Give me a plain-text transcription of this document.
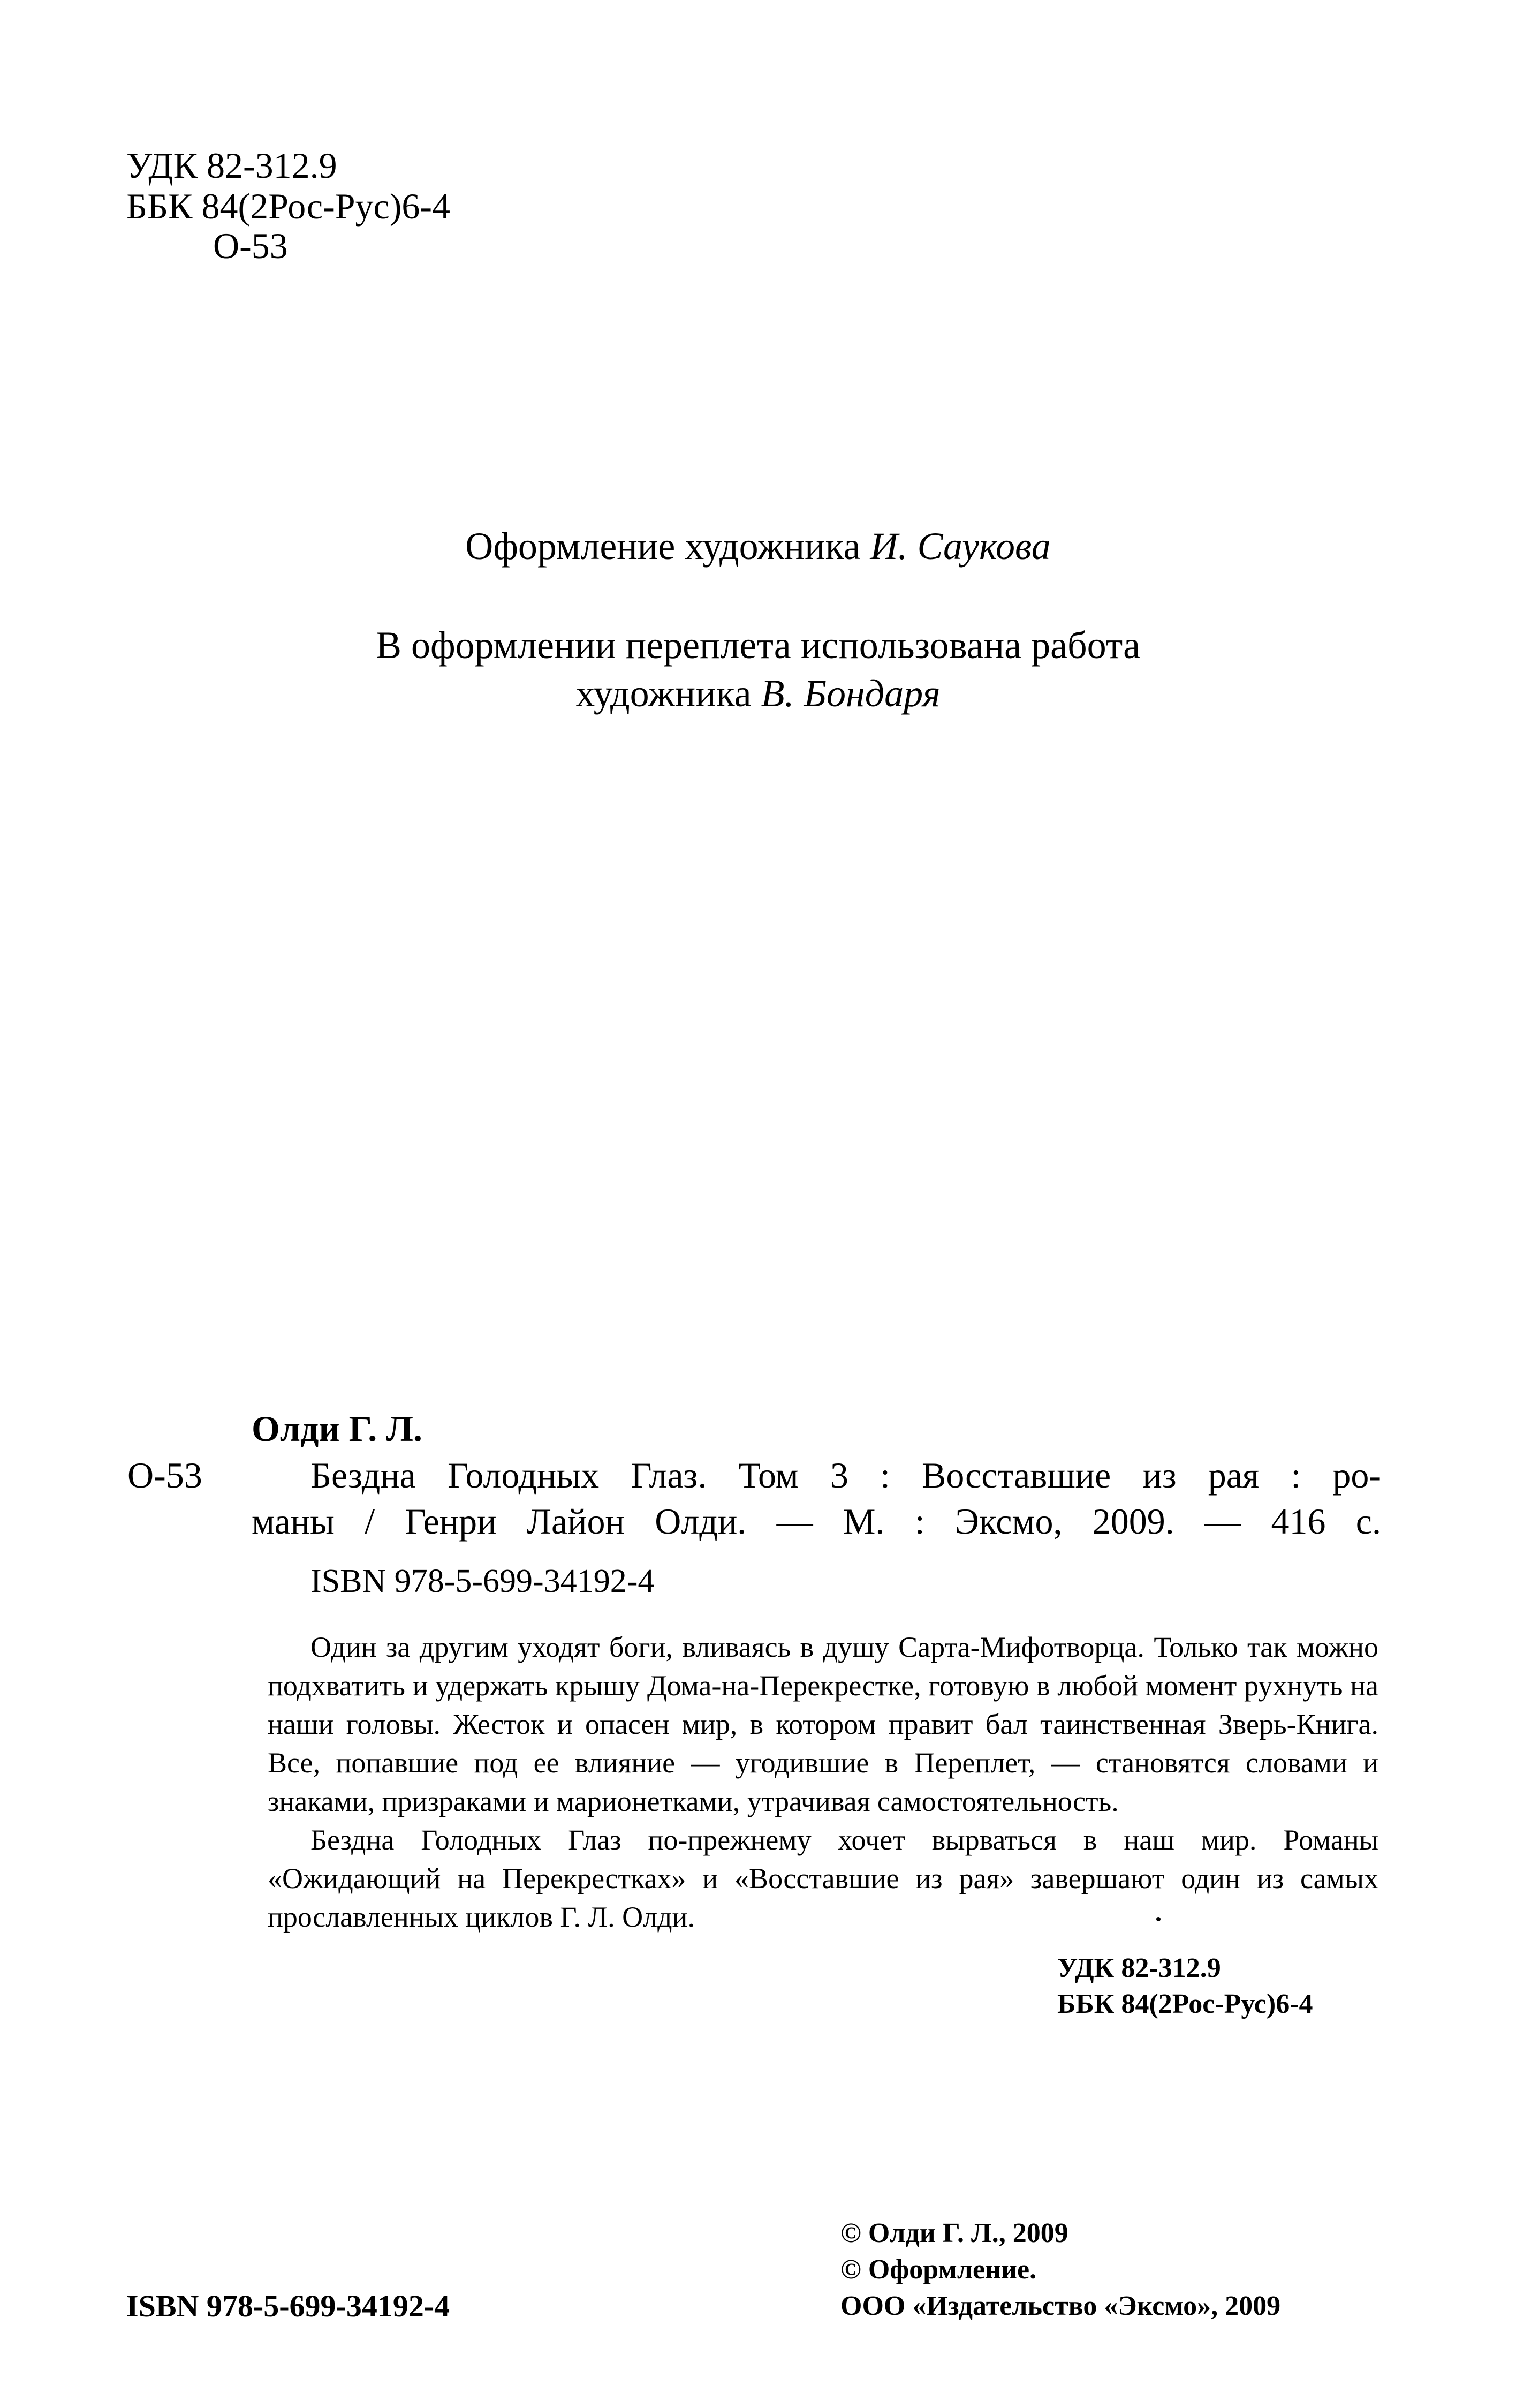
УДК 82-312.9
ББК 84(2Рос-Рус)6-4
О-53
Оформление художника И. Саукова
В оформлении переплета использована работа
художника В. Бондаря
Олди Г. Л.
О-53	Бездна Голодных Глаз. Том 3 : Восставшие из рая : ро-
маны / Генри Лайон Олди. — М. : Эксмо, 2009. — 416 с.
ISBN 978-5-699-34192-4

Один за другим уходят боги, вливаясь в душу Сарта-Мифотворца. Только так можно подхватить и удержать крышу Дома-на-Перекрестке, готовую в любой момент рухнуть на наши головы. Жесток и опасен мир, в котором правит бал таинственная Зверь-Книга. Все, попавшие под ее влияние — угодившие в Переплет, — становятся словами и знаками, призраками и марионетками, утрачивая самостоятельность.

Бездна Голодных Глаз по-прежнему хочет вырваться в наш мир. Романы «Ожидающий на Перекрестках» и «Восставшие из рая» завершают один из самых прославленных циклов Г. Л. Олди.

УДК 82-312.9
ББК 84(2Рос-Рус)6-4
© Олди Г. Л., 2009
© Оформление.
ООО «Издательство «Эксмо», 2009
ISBN 978-5-699-34192-4
